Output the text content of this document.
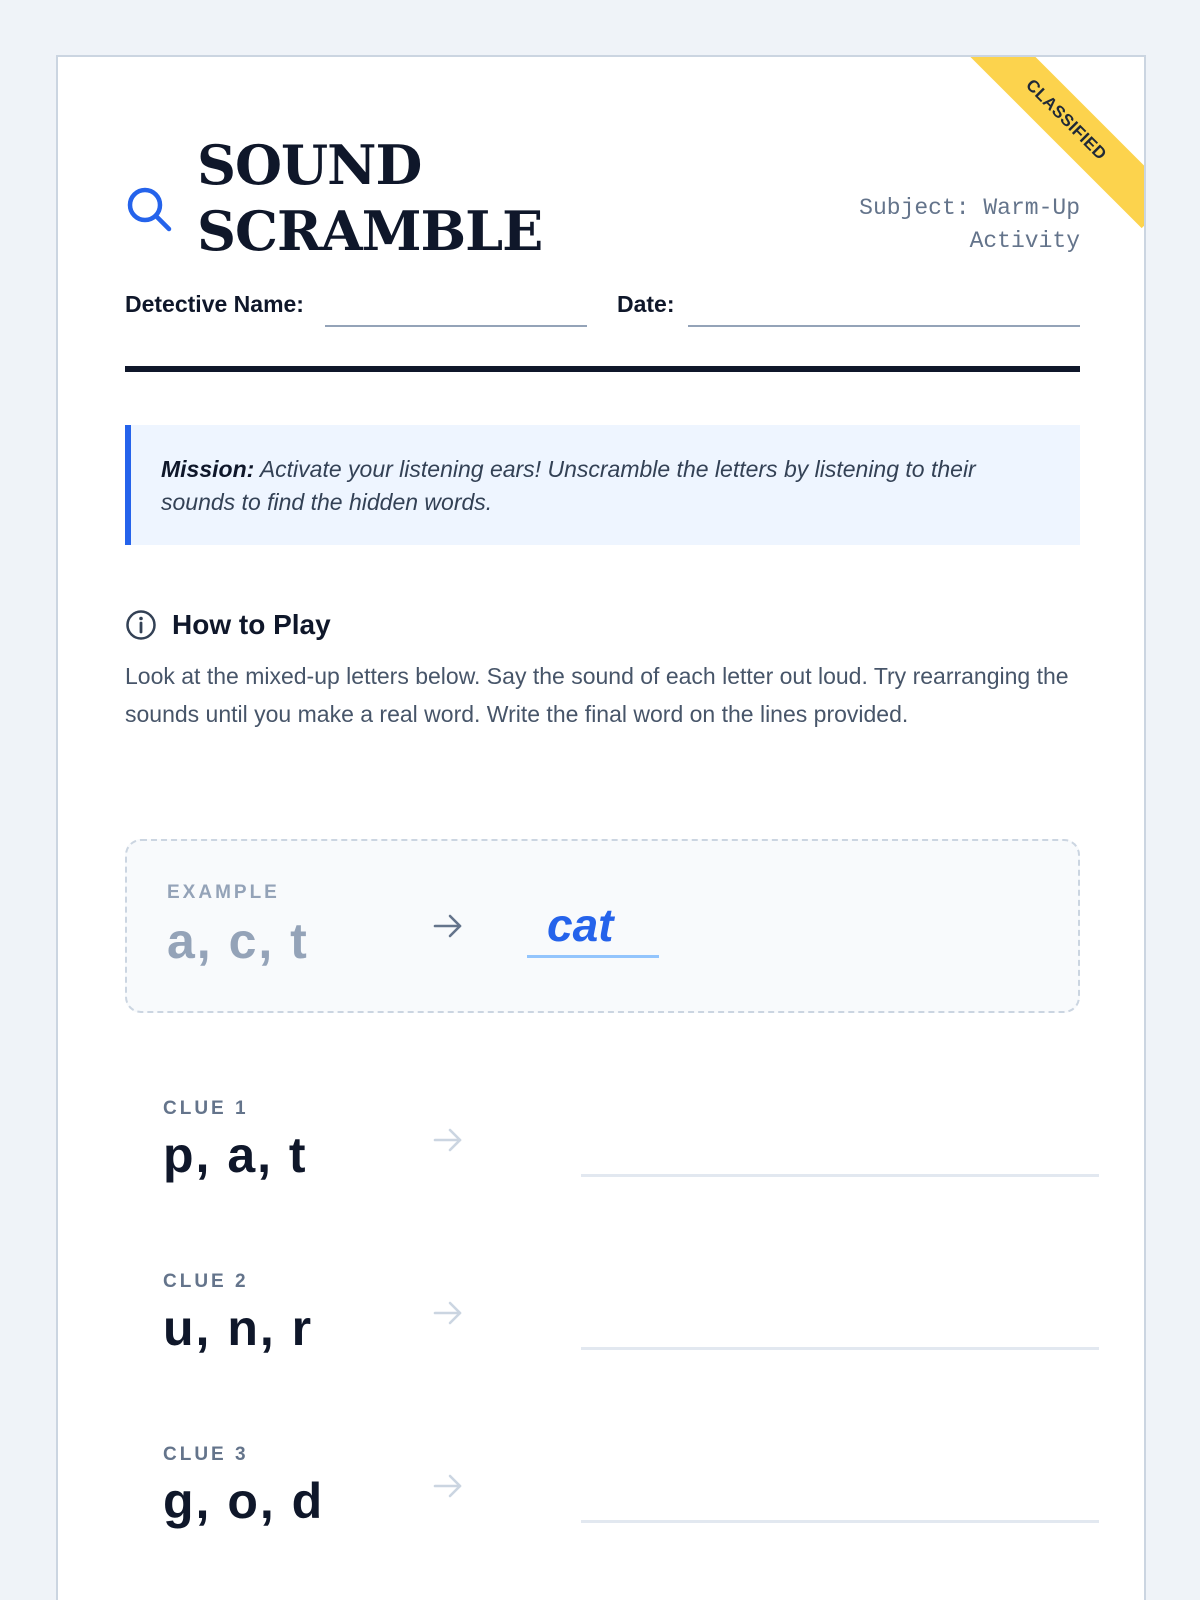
CLASSIFIED
SOUND
SCRAMBLE	Subject: Warm-Up
Activity
Detective Name:	Date:
Mission: Activate your listening ears! Unscramble the letters by listening to their sounds to find the hidden words.
How to Play
Look at the mixed-up letters below. Say the sound of each letter out loud. Try rearranging the sounds until you make a real word. Write the final word on the lines provided.
EXAMPLE
a, c, t	cat
CLUE 1
p, a, t
CLUE 2
u, n, r
CLUE 3
g, o, d
